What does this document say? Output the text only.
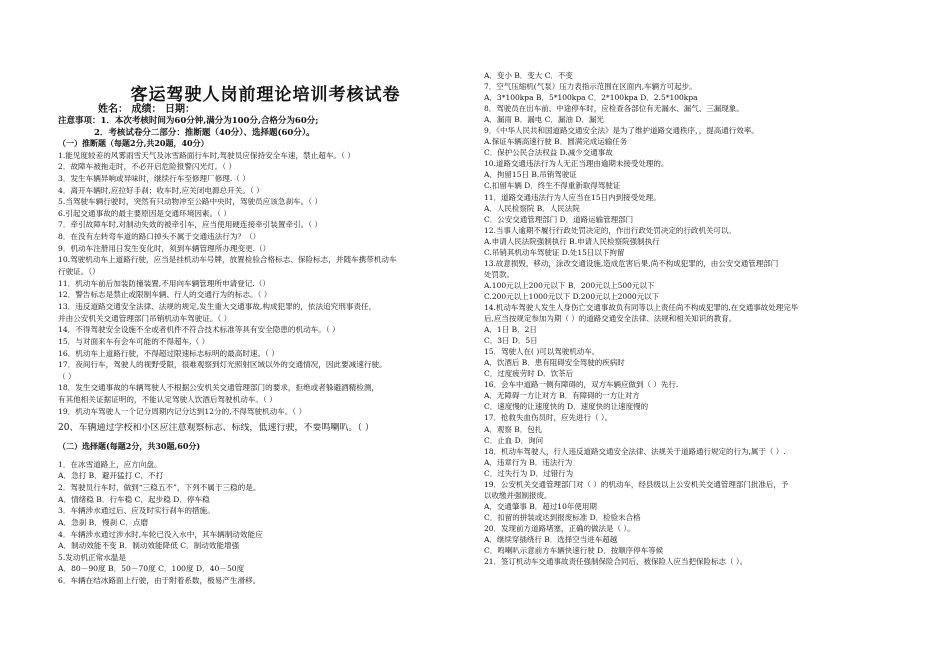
客运驾驶人岗前理论培训考核试卷
姓名： 成绩： 日期：
注意事项：1．本次考核时间为60分钟,满分为100分,合格分为60分;
2．考核试卷分二部分：推断题（40分）、选择题(60分）。
（一）推断题（每题2分,共20题，40分）
1.能见度较差的风雾雨雪天气及冰雪路面行车时,驾驶员应保持安全车速，禁止超车。（ ）
2．故障车被拖走时，不必开启危险报警闪光灯。（ ）
3．发生车辆异响或异味时，继续行车至修理厂修理.（ ）
4．离开车辆时,应拉好手刹；收车时,应关闭电源总开关。（ ）
5.当驾驶车辆行驶时，突然有只动物冲至公路中央时，驾驶员应该急刹车。（ ）
6.引起交通事故的最主要原因是交通环境因素。（ ）
7．牵引故障车时,对制动失效的被牵引车，应当使用硬连接牵引装置牵引。（ ）
8．在没有左转弯车道的路口掉头不属于交通违法行为？（）
9．机动车注册用日发生变化时，须到车辆管理所办理变更.（）
10.驾驶机动车上道路行驶，应当是挂机动车号牌，放置检验合格标志、保险标志，并随车携带机动车
行驶证。（）
11．机动车前后加装防撞装置,不用向车辆管理所申请登记.（）
12．警告标志是禁止或限制车辆、行人的交通行为的标志。（ ）
13．违反道路交通安全法律、法规的规定,发生重大交通事故,构成犯罪的，依法追究刑事责任，
并由公安机关交通管理部门吊销机动车驾驶证。（ ）
14．不得驾驶安全设施不全或者机件不符合技术标准等具有安全隐患的机动车。（ ）
15．与对面来车有会车可能的不得超车,（ ）
16．机动车上道路行驶，不得超过限速标志标明的最高时速。（ ）
17．夜间行车，驾驶人的视野受限，很难观察到灯光照射区域以外的交通情况，因此要减速行驶。
（ ）
18．发生交通事故的车辆驾驶人不根据公安机关交通管理部门的要求，拒绝或者躲避酒精检测，
有其他相关证据证明的，不能认定驾驶人饮酒后驾驶机动车。（ ）
19．机动车驾驶人一个记分周期内记分达到12分的,不得驾驶机动车。（ ）
20、车辆通过学校和小区应注意观察标志、标线，低速行驶，不要鸣喇叭。（ ）
（二）选择题(每题2分，共30题,60分)
1．在冰雪道路上，应方向盘。
A．急打 B．避开猛打 C．不打
2．驾驶员行车时，做到“三稳五不”，下列不属于三稳的是。
A．情绪稳 B．行车稳 C．起步稳 D．停车稳
3．车辆涉水通过后、应及时实行刹车的措施。
A．急刹 B．慢刹 C．点磨
4．车辆涉水通过涉水时,车轮已没入水中，其车辆制动效能应
A．制动效能不变 B．制动效能降低 C．制动效能增强
5.发动机正常水温是
A．80－90度 B．50－70度 C．100度 D．40－50度
6．车辆在结冰路面上行驶，由于附着系数，极易产生滑移。
A．变小 B．变大 C．不变
7．空气压缩机(气泵）压力表指示范围在区面内,车辆方可起步。
A．3*100kpa B．5*100kpa C．2*100kpa D．2.5*100kpa
8．驾驶员在出车前、中途停车时，应检查各部位有无漏水、漏气、三漏现象。
A．漏雨 B．漏电 C．漏油 D．漏光
9．《中华人民共和国道路交通安全法》是为了维护道路交通秩序，，提高通行效率。
A.保证车辆高速行驶 B．圆满完成运输任务
C．保护公民合法权益 D.减少交通事故
10.道路交通违法行为人无正当理由逾期未接受处理的。
A．拘留15日 B.吊销驾驶证
C.扣留车辆 D．终生不得重新取得驾驶证
11．道路交通违法行为人应当在15日内到接受处理。
A．人民检察院 B．人民法院
C．公安交通管理部门 D．道路运输管理部门
12.当事人逾期不履行行政处罚决定的，作出行政处罚决定的行政机关可以。
A.申请人民法院强制执行 B.申请人民检察院强制执行
C.吊销其机动车驾驶证 D.处15日以下拘留
13.故意损毁，移动，涂改交通设施,造成危害后果,尚不构成犯罪的，由公安交通管理部门
处罚款。
A.100元以上200元以下 B．200元以上500元以下
C.200元以上1000元以下 D.200元以上2000元以下
14.机动车驾驶人发生人身伤亡交通事故负有同等以上责任尚不构成犯罪的,在交通事故处理完毕
后,应当按规定参加为期（ ）的道路交通安全法律、法规和相关知识的教育。
A．1日 B．2日
C．3日 D．5日
15．驾驶人在( )可以驾驶机动车。
A．饮酒后 B．患有阻碍安全驾驶的疾病时
C．过度疲劳时 D．饮茶后
16．会车中道路一侧有障碍的，双方车辆应做到（ ）先行.
A．无障碍一方让对方 B．有障碍的一方让对方
C．速度慢的让速度快的 D．速度快的让速度慢的
17．抢救失血伤员时，应先进行（ ）。
A．观察 B．包扎
C．止血 D．询问
18．机动车驾驶人，行人违反道路交通安全法律、法规关于道路通行规定的行为,属于（ ）.
A．违章行为 B．违法行为
C．过失行为 D．过错行为
19．公安机关交通管理部门对（ ）的机动车，经县级以上公安机关交通管理部门批准后，予
以收缴并强制报废。
A．交通肇事 B．超过10年使用期
C．扣留的拼装或达到报废标准 D．检验未合格
20．发现前方道路堵塞，正确的做法是（ ）。
A．继续穿插绕行 B．选择空当进车超越
C．鸣喇叭示意前方车辆快速行驶 D．按顺序停车等候
21．签订机动车交通事故责任强制保险合同后，被保险人应当把保险标志（ ）。
